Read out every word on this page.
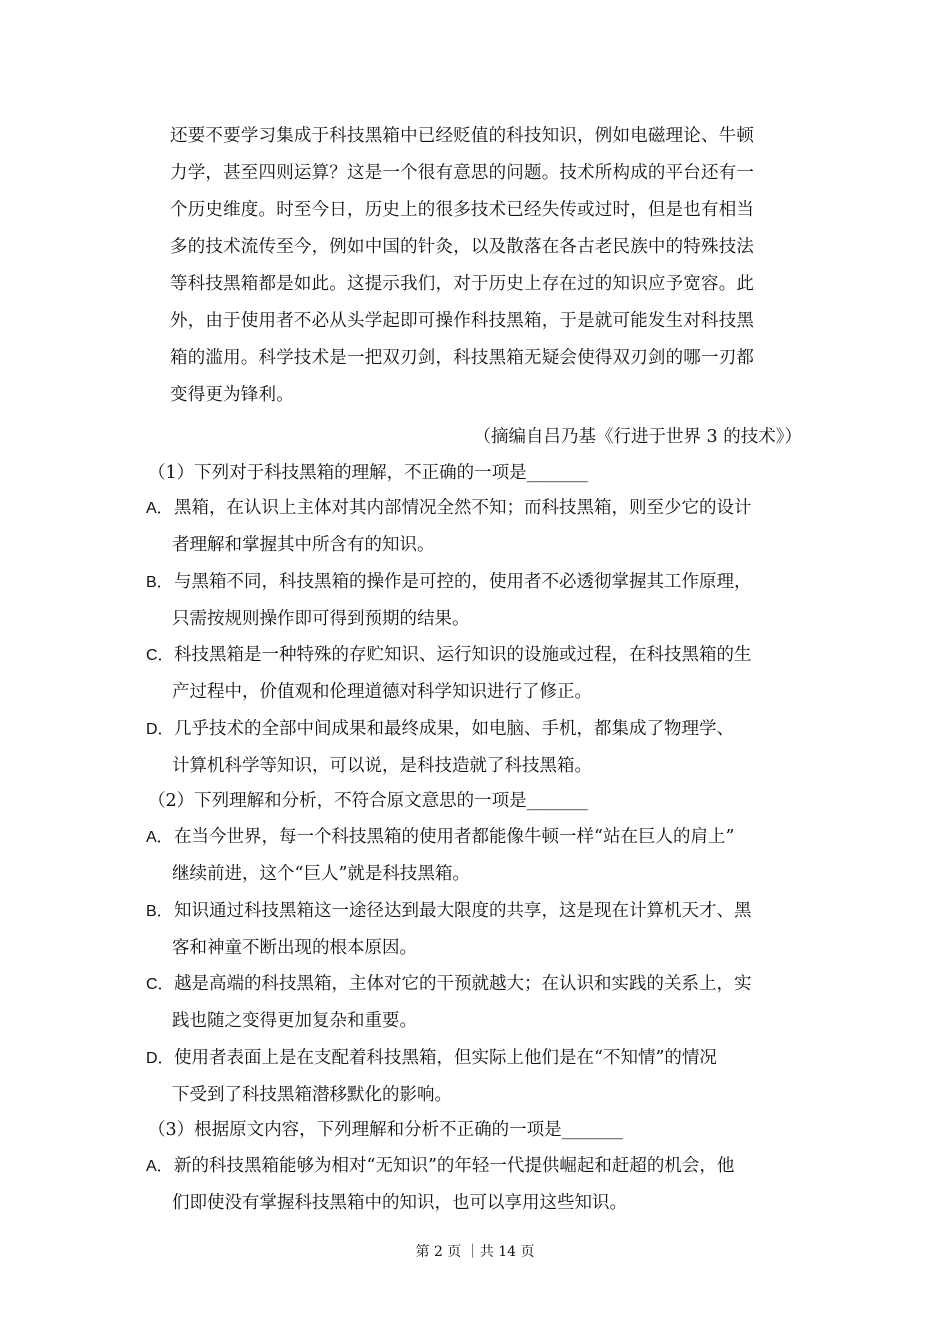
还要不要学习集成于科技黑箱中已经贬值的科技知识，例如电磁理论、牛顿
力学，甚至四则运算？这是一个很有意思的问题。技术所构成的平台还有一
个历史维度。时至今日，历史上的很多技术已经失传或过时，但是也有相当
多的技术流传至今，例如中国的针灸，以及散落在各古老民族中的特殊技法
等科技黑箱都是如此。这提示我们，对于历史上存在过的知识应予宽容。此
外，由于使用者不必从头学起即可操作科技黑箱，于是就可能发生对科技黑
箱的滥用。科学技术是一把双刃剑，科技黑箱无疑会使得双刃剑的哪一刃都
变得更为锋利。
（摘编自吕乃基《行进于世界 3 的技术》）
（1）下列对于科技黑箱的理解，不正确的一项是_______
A． 黑箱，在认识上主体对其内部情况全然不知；而科技黑箱，则至少它的设计
者理解和掌握其中所含有的知识。
B． 与黑箱不同，科技黑箱的操作是可控的，使用者不必透彻掌握其工作原理，
只需按规则操作即可得到预期的结果。
C． 科技黑箱是一种特殊的存贮知识、运行知识的设施或过程，在科技黑箱的生
产过程中，价值观和伦理道德对科学知识进行了修正。
D． 几乎技术的全部中间成果和最终成果，如电脑、手机，都集成了物理学、
计算机科学等知识，可以说，是科技造就了科技黑箱。
（2）下列理解和分析，不符合原文意思的一项是_______
A． 在当今世界，每一个科技黑箱的使用者都能像牛顿一样“站在巨人的肩上”
继续前进，这个“巨人”就是科技黑箱。
B． 知识通过科技黑箱这一途径达到最大限度的共享，这是现在计算机天才、黑
客和神童不断出现的根本原因。
C． 越是高端的科技黑箱，主体对它的干预就越大；在认识和实践的关系上，实
践也随之变得更加复杂和重要。
D． 使用者表面上是在支配着科技黑箱，但实际上他们是在“不知情”的情况
下受到了科技黑箱潜移默化的影响。
（3）根据原文内容，下列理解和分析不正确的一项是_______
A． 新的科技黑箱能够为相对“无知识”的年轻一代提供崛起和赶超的机会，他
们即使没有掌握科技黑箱中的知识，也可以享用这些知识。
第 2 页 ｜共 14 页
